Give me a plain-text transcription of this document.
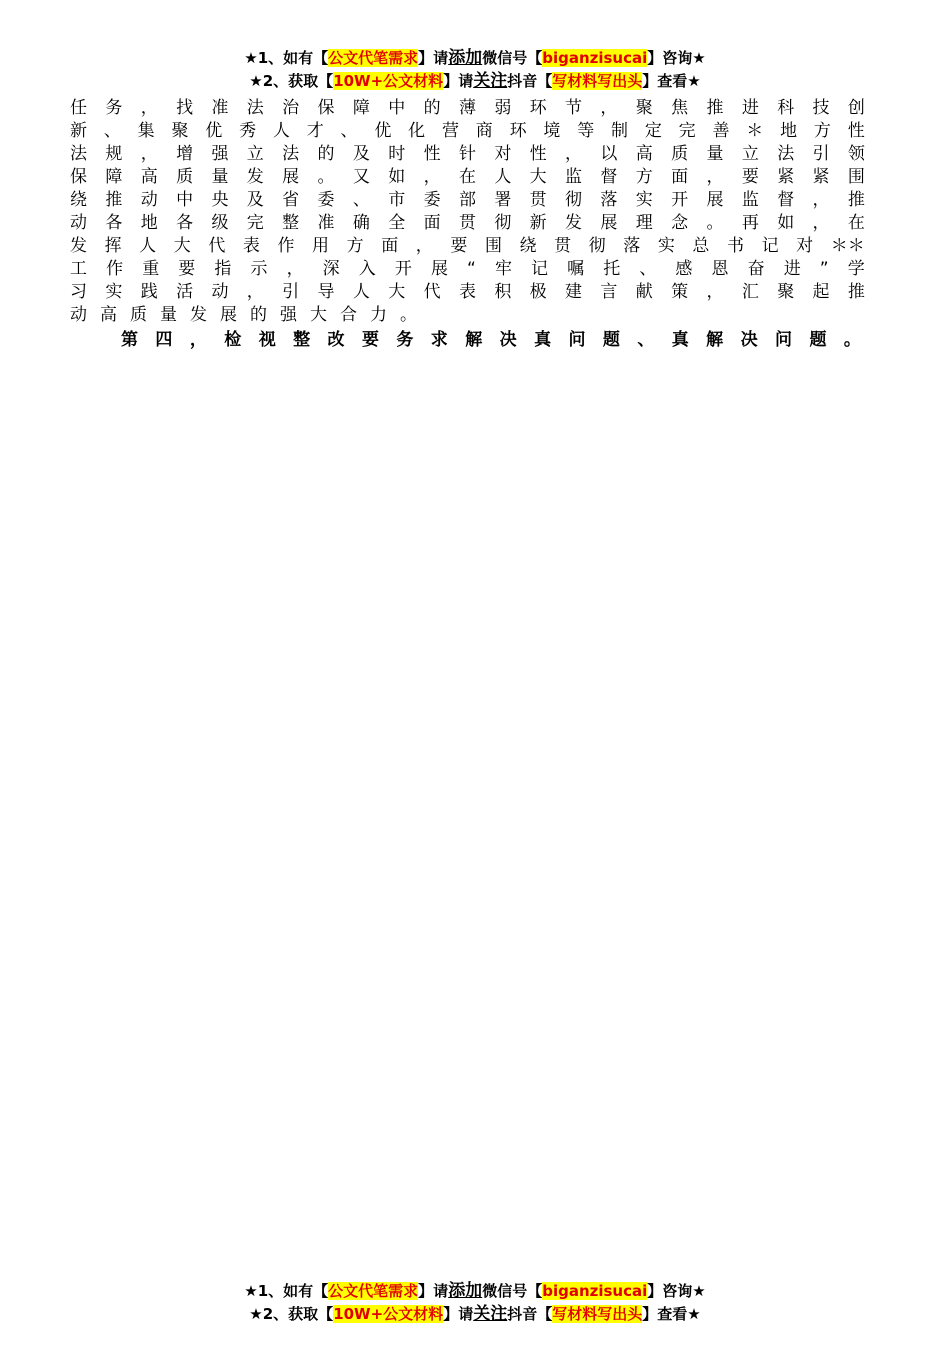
★1、如有【公文代笔需求】请添加微信号【biganzisucai】咨询★
★2、获取【10W+公文材料】请关注抖音【写材料写出头】查看★
任 务 ， 找 准 法 治 保 障 中 的 薄 弱 环 节 ， 聚 焦 推 进 科 技 创
新 、 集 聚 优 秀 人 才 、 优 化 营 商 环 境 等 制 定 完 善 ＊ 地 方 性
法 规 ， 增 强 立 法 的 及 时 性 针 对 性 ， 以 高 质 量 立 法 引 领
保 障 高 质 量 发 展 。 又 如 ， 在 人 大 监 督 方 面 ， 要 紧 紧 围
绕 推 动 中 央 及 省 委 、 市 委 部 署 贯 彻 落 实 开 展 监 督 ， 推
动 各 地 各 级 完 整 准 确 全 面 贯 彻 新 发 展 理 念 。 再 如 ， 在
发 挥 人 大 代 表 作 用 方 面 ， 要 围 绕 贯 彻 落 实 总 书 记 对 ＊＊
工 作 重 要 指 示 ， 深 入 开 展 “ 牢 记 嘱 托 、 感 恩 奋 进 ” 学
习 实 践 活 动 ， 引 导 人 大 代 表 积 极 建 言 献 策 ， 汇 聚 起 推
动 高 质 量 发 展 的 强 大 合 力 。
第 四 ， 检 视 整 改 要 务 求 解 决 真 问 题 、 真 解 决 问 题 。
★1、如有【公文代笔需求】请添加微信号【biganzisucai】咨询★
★2、获取【10W+公文材料】请关注抖音【写材料写出头】查看★
